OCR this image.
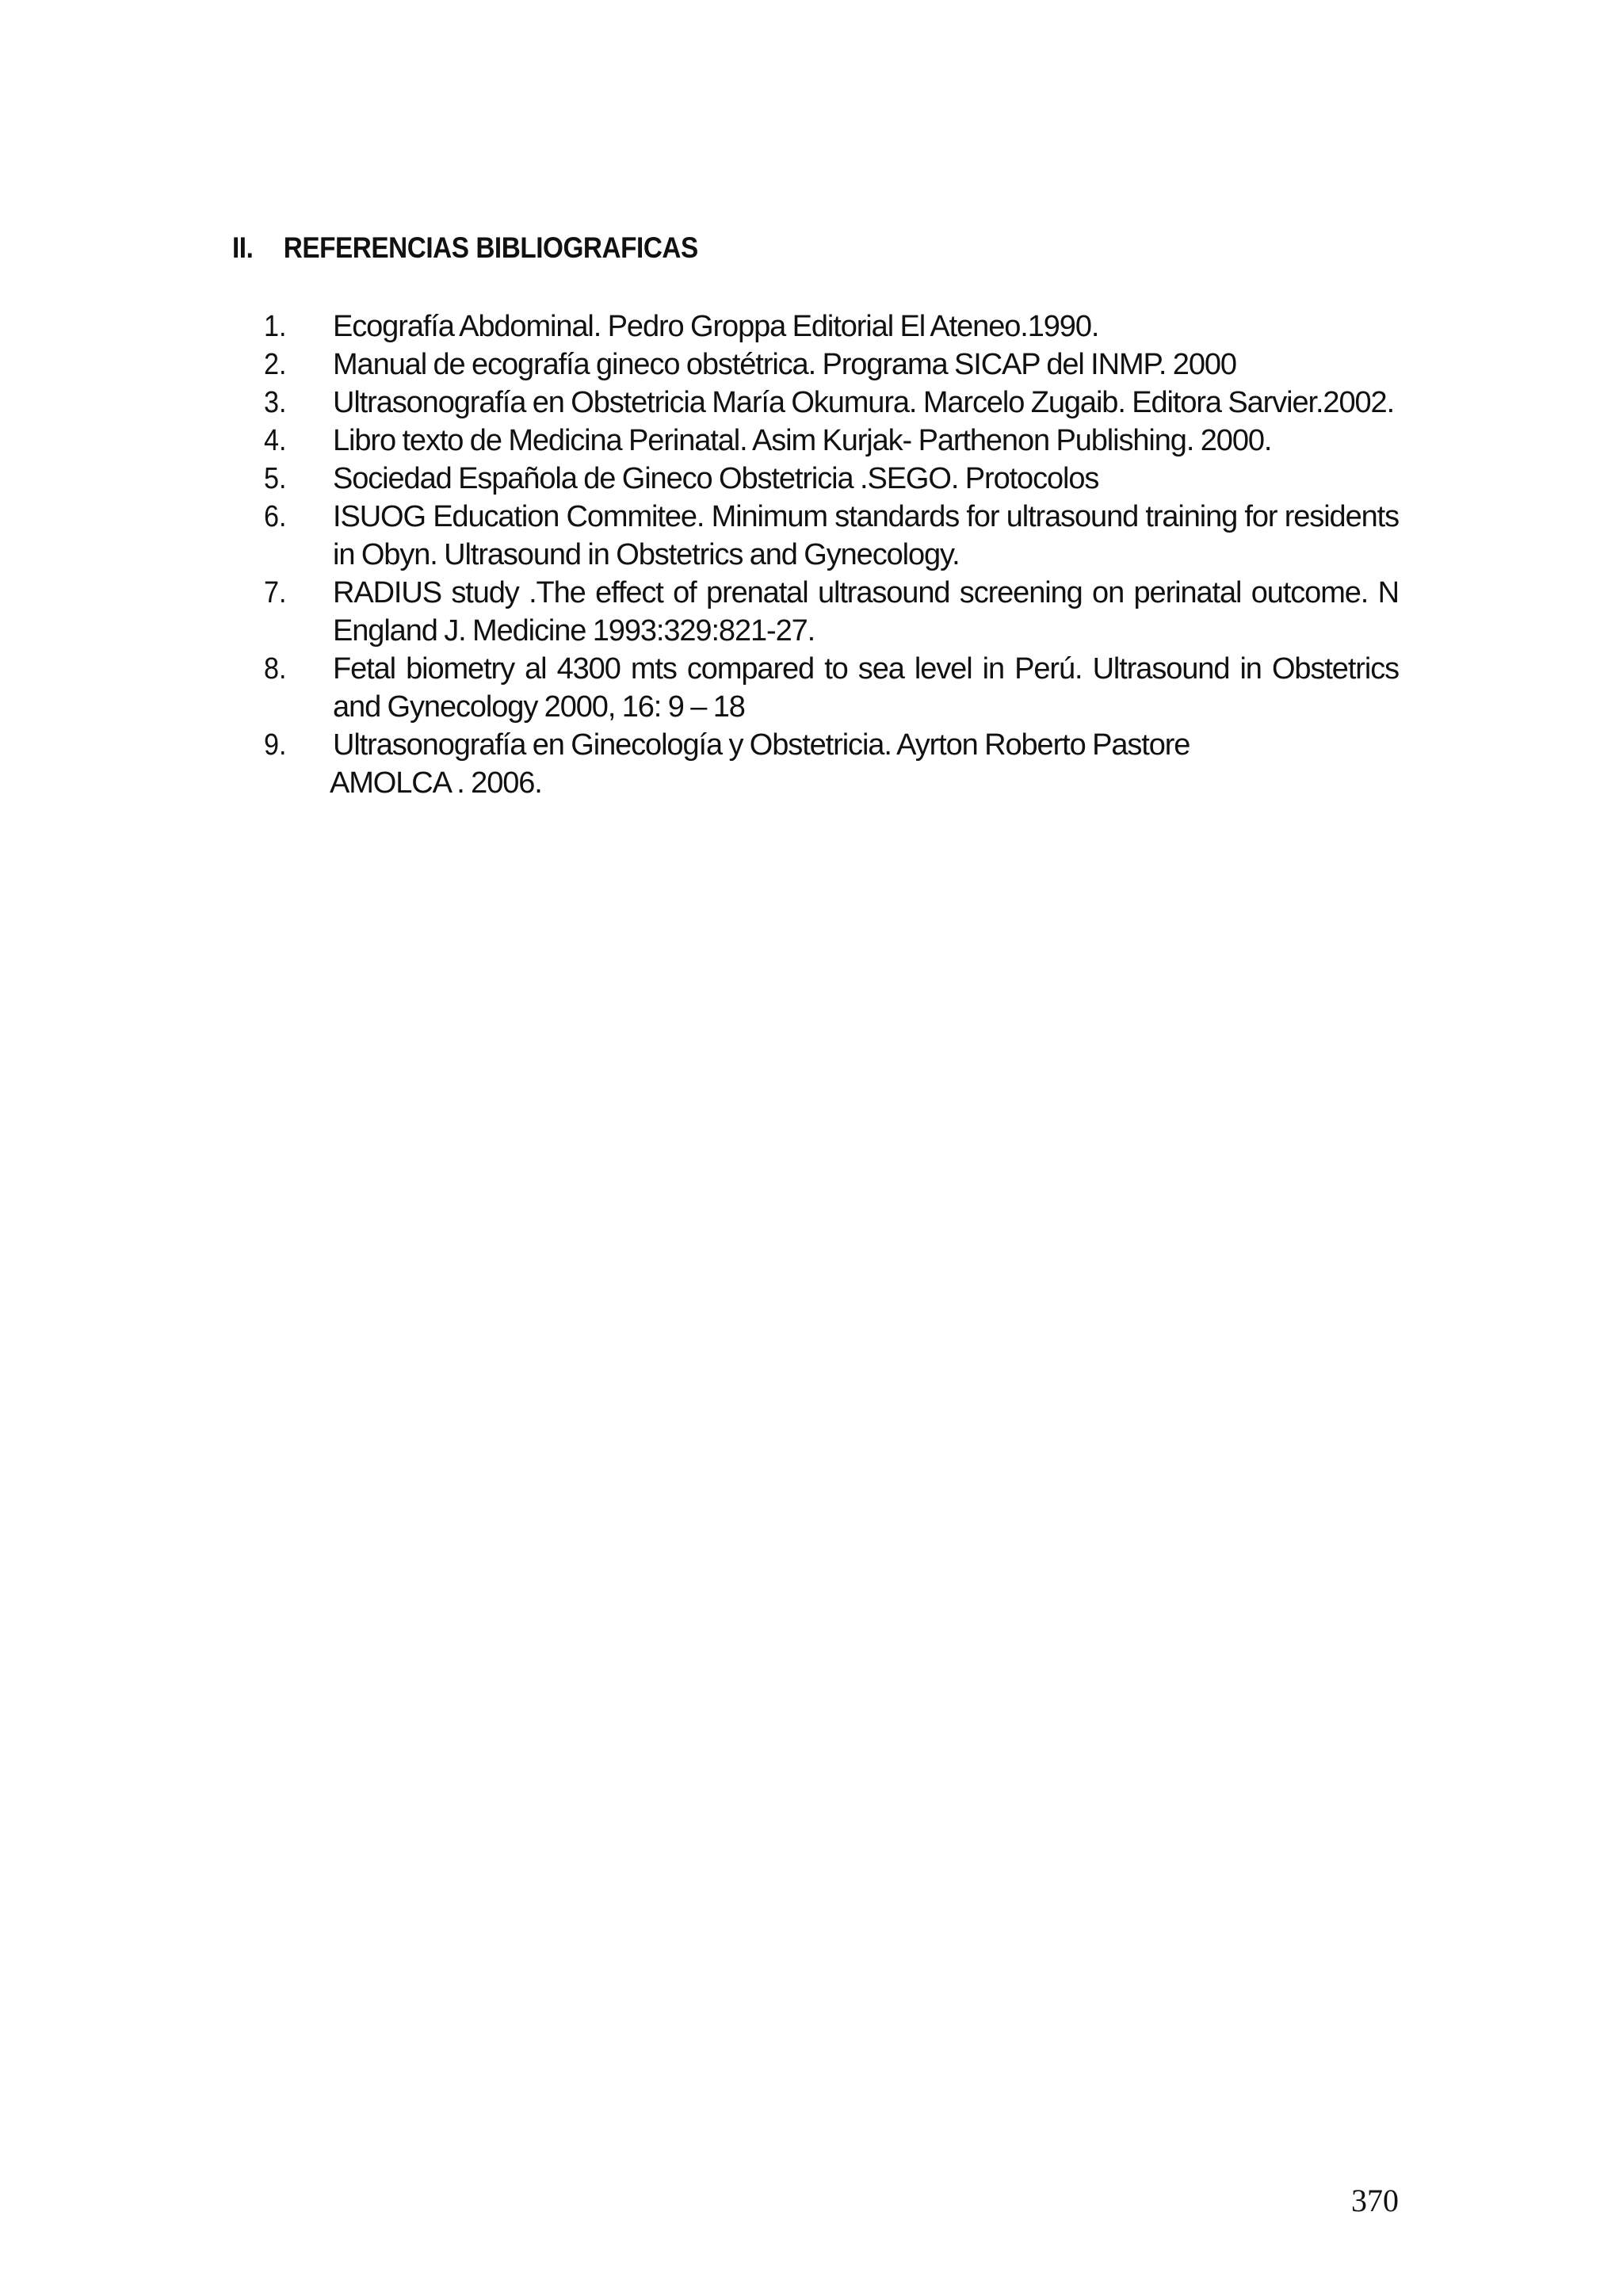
II.	REFERENCIAS BIBLIOGRAFICAS
1.	Ecografía Abdominal. Pedro Groppa Editorial El Ateneo.1990.
2.	Manual de ecografía gineco obstétrica. Programa SICAP del INMP. 2000
3.	Ultrasonografía en Obstetricia María Okumura. Marcelo Zugaib. Editora Sarvier.2002.
4.	Libro texto de Medicina Perinatal. Asim Kurjak- Parthenon Publishing. 2000.
5.	Sociedad Española de Gineco Obstetricia .SEGO. Protocolos
6.	ISUOG Education Commitee. Minimum standards for ultrasound training for residents in Obyn. Ultrasound in Obstetrics and Gynecology.
7.	RADIUS study .The effect of prenatal ultrasound screening on perinatal outcome. N England J. Medicine 1993:329:821-27.
8.	Fetal biometry al 4300 mts compared to sea level in Perú. Ultrasound in Obstetrics and Gynecology 2000, 16: 9 – 18
9.	Ultrasonografía en Ginecología y Obstetricia. Ayrton Roberto Pastore
AMOLCA . 2006.
370
